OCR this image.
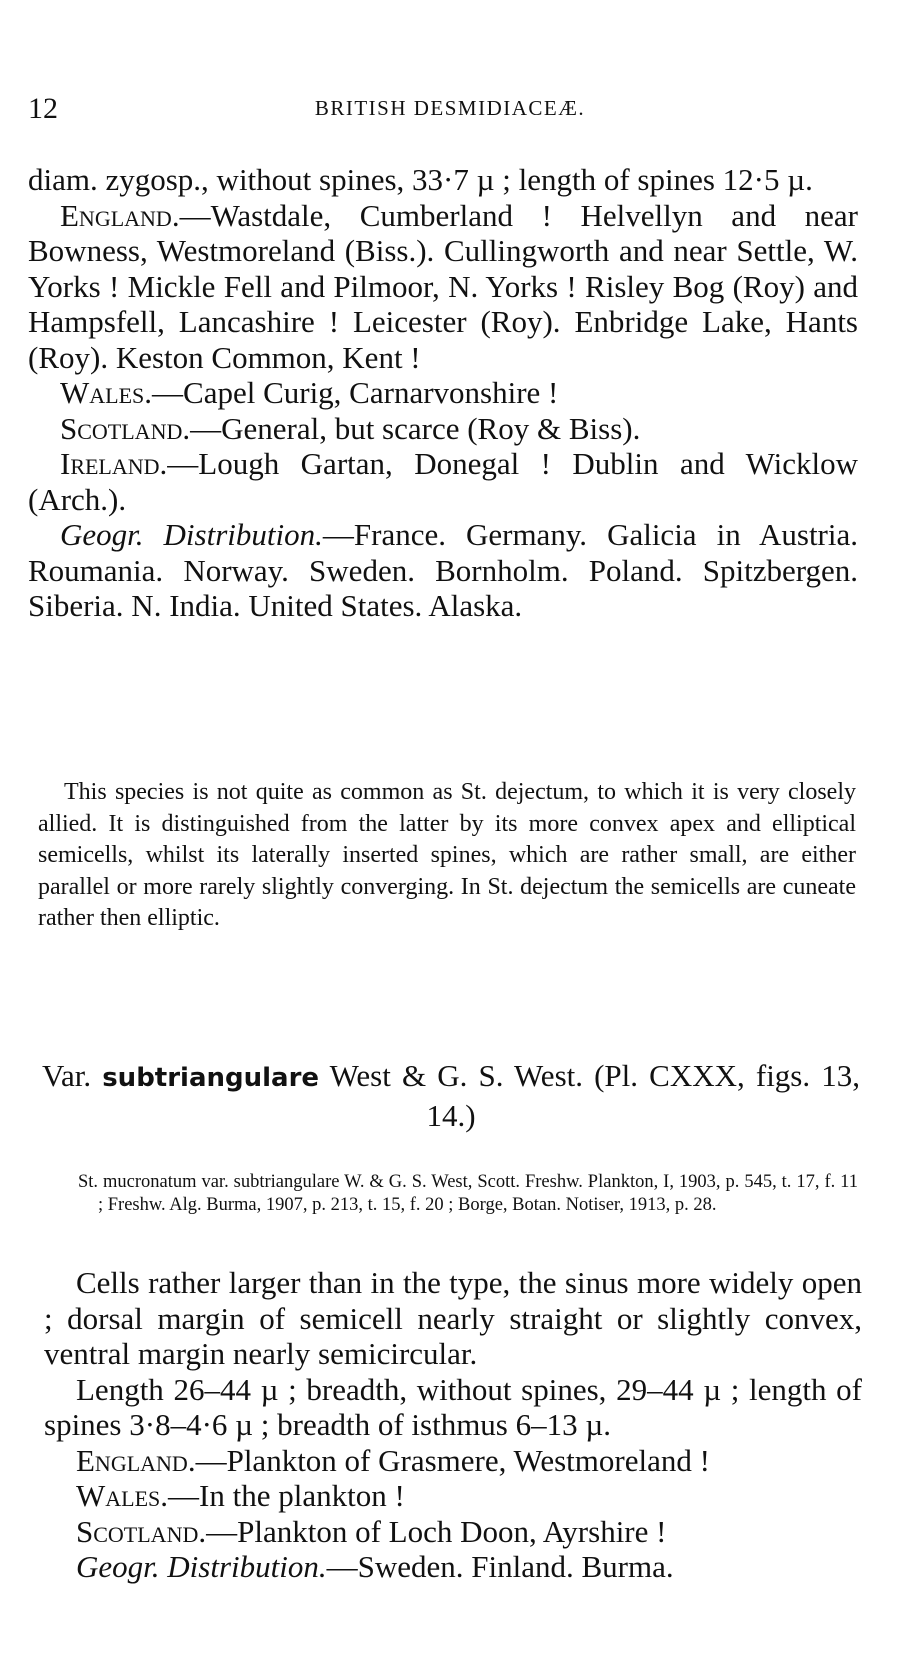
12	BRITISH DESMIDIACEÆ.

diam. zygosp., without spines, 33·7 µ ; length of spines 12·5 µ.

England.—Wastdale, Cumberland ! Helvellyn and near Bowness, Westmoreland (Biss.). Cullingworth and near Settle, W. Yorks ! Mickle Fell and Pilmoor, N. Yorks ! Risley Bog (Roy) and Hampsfell, Lancashire ! Leicester (Roy). Enbridge Lake, Hants (Roy). Keston Common, Kent !

Wales.—Capel Curig, Carnarvonshire !

Scotland.—General, but scarce (Roy & Biss).

Ireland.—Lough Gartan, Donegal ! Dublin and Wicklow (Arch.).

Geogr. Distribution.—France. Germany. Galicia in Austria. Roumania. Norway. Sweden. Bornholm. Poland. Spitzbergen. Siberia. N. India. United States. Alaska.

This species is not quite as common as St. dejectum, to which it is very closely allied. It is distinguished from the latter by its more convex apex and elliptical semicells, whilst its laterally inserted spines, which are rather small, are either parallel or more rarely slightly converging. In St. dejectum the semicells are cuneate rather then elliptic.

Var. subtriangulare West & G. S. West. (Pl. CXXX, figs. 13, 14.)

St. mucronatum var. subtriangulare W. & G. S. West, Scott. Freshw. Plankton, I, 1903, p. 545, t. 17, f. 11 ; Freshw. Alg. Burma, 1907, p. 213, t. 15, f. 20 ; Borge, Botan. Notiser, 1913, p. 28.

Cells rather larger than in the type, the sinus more widely open ; dorsal margin of semicell nearly straight or slightly convex, ventral margin nearly semicircular.

Length 26–44 µ ; breadth, without spines, 29–44 µ ; length of spines 3·8–4·6 µ ; breadth of isthmus 6–13 µ.

England.—Plankton of Grasmere, Westmoreland !

Wales.—In the plankton !

Scotland.—Plankton of Loch Doon, Ayrshire !

Geogr. Distribution.—Sweden. Finland. Burma.
